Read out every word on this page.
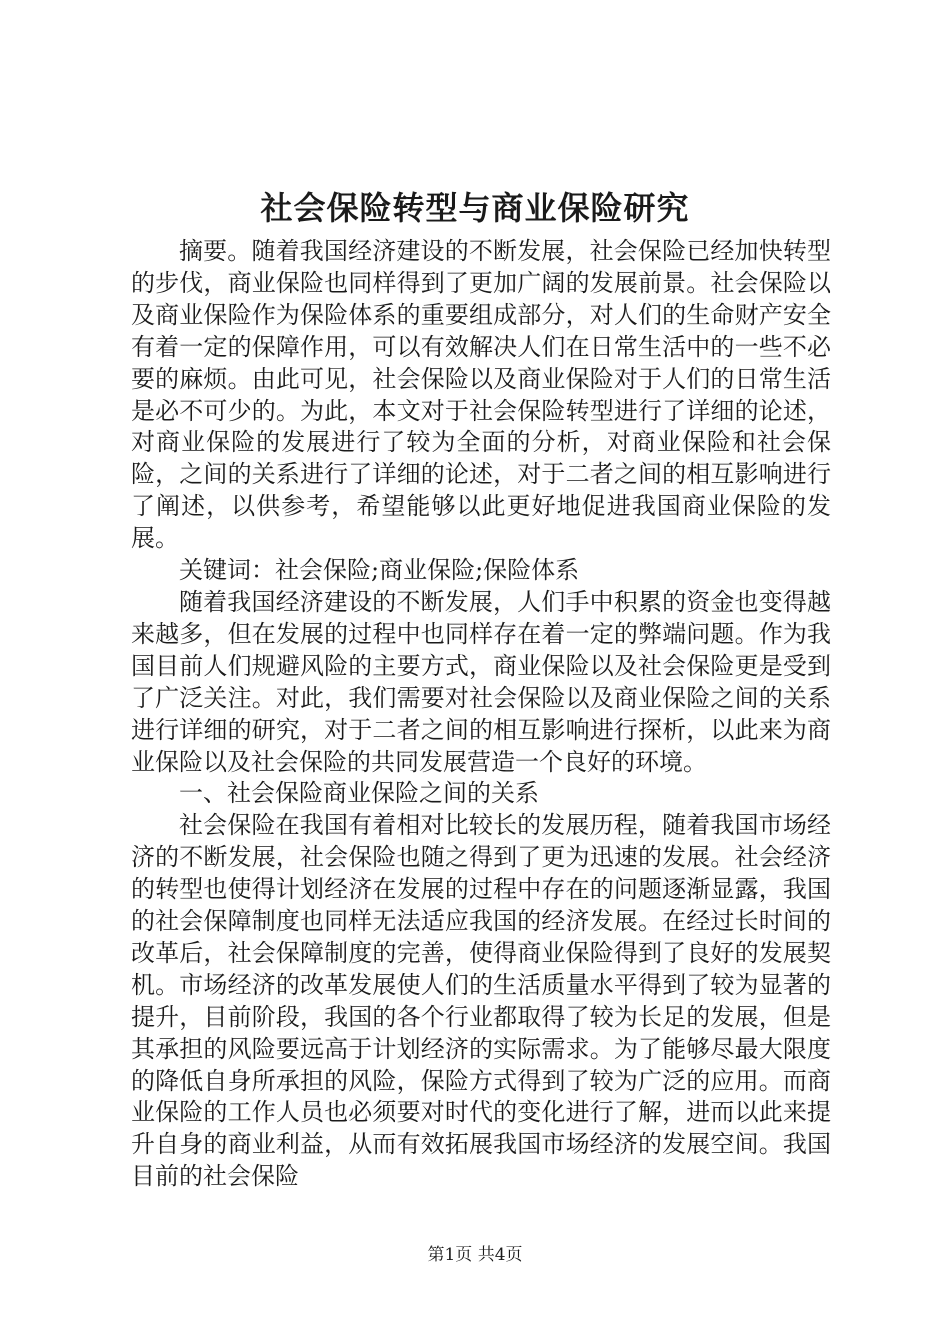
社会保险转型与商业保险研究

摘要。随着我国经济建设的不断发展，社会保险已经加快转型的步伐，商业保险也同样得到了更加广阔的发展前景。社会保险以及商业保险作为保险体系的重要组成部分，对人们的生命财产安全有着一定的保障作用，可以有效解决人们在日常生活中的一些不必要的麻烦。由此可见，社会保险以及商业保险对于人们的日常生活是必不可少的。为此，本文对于社会保险转型进行了详细的论述，对商业保险的发展进行了较为全面的分析，对商业保险和社会保险，之间的关系进行了详细的论述，对于二者之间的相互影响进行了阐述，以供参考，希望能够以此更好地促进我国商业保险的发展。

关键词：社会保险;商业保险;保险体系

随着我国经济建设的不断发展，人们手中积累的资金也变得越来越多，但在发展的过程中也同样存在着一定的弊端问题。作为我国目前人们规避风险的主要方式，商业保险以及社会保险更是受到了广泛关注。对此，我们需要对社会保险以及商业保险之间的关系进行详细的研究，对于二者之间的相互影响进行探析，以此来为商业保险以及社会保险的共同发展营造一个良好的环境。

一、社会保险商业保险之间的关系

社会保险在我国有着相对比较长的发展历程，随着我国市场经济的不断发展，社会保险也随之得到了更为迅速的发展。社会经济的转型也使得计划经济在发展的过程中存在的问题逐渐显露，我国的社会保障制度也同样无法适应我国的经济发展。在经过长时间的改革后，社会保障制度的完善，使得商业保险得到了良好的发展契机。市场经济的改革发展使人们的生活质量水平得到了较为显著的提升，目前阶段，我国的各个行业都取得了较为长足的发展，但是其承担的风险要远高于计划经济的实际需求。为了能够尽最大限度的降低自身所承担的风险，保险方式得到了较为广泛的应用。而商业保险的工作人员也必须要对时代的变化进行了解，进而以此来提升自身的商业利益，从而有效拓展我国市场经济的发展空间。我国目前的社会保险

第1页 共4页
